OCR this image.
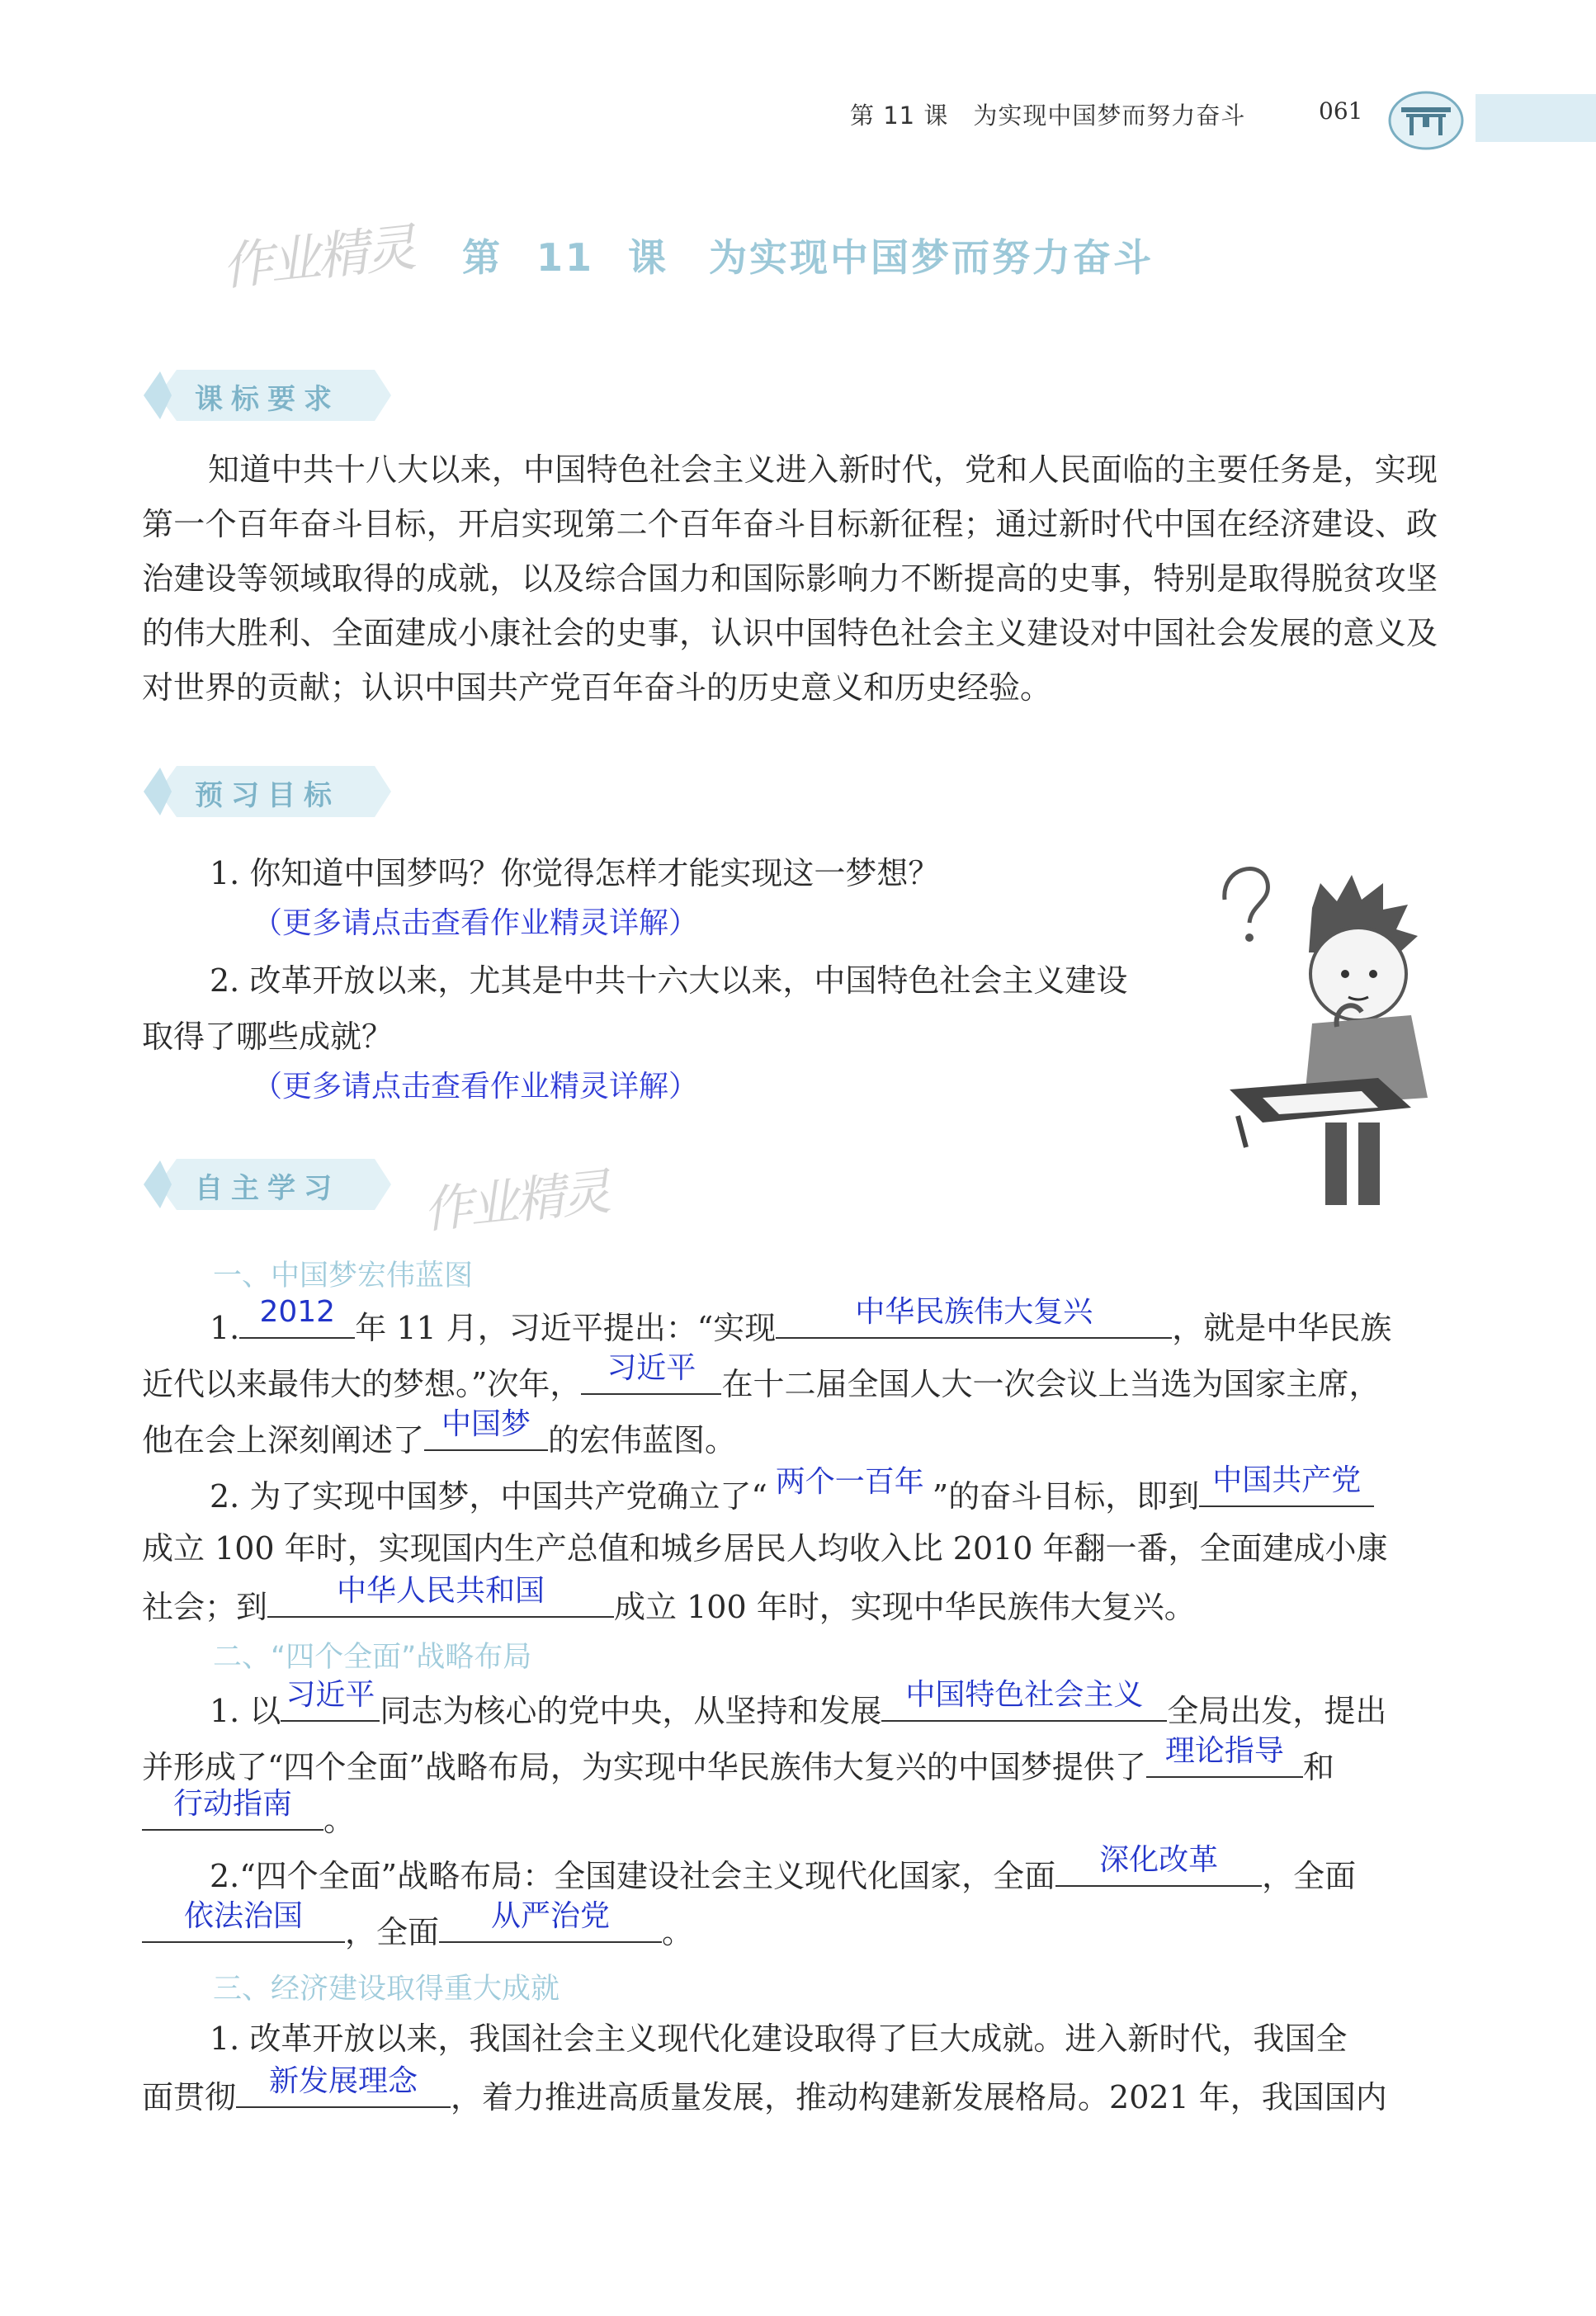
第 11 课　为实现中国梦而努力奋斗	061
作业精灵 第 11 课　为实现中国梦而努力奋斗
课标要求
知道中共十八大以来，中国特色社会主义进入新时代，党和人民面临的主要任务是，实现第一个百年奋斗目标，开启实现第二个百年奋斗目标新征程；通过新时代中国在经济建设、政治建设等领域取得的成就，以及综合国力和国际影响力不断提高的史事，特别是取得脱贫攻坚的伟大胜利、全面建成小康社会的史事，认识中国特色社会主义建设对中国社会发展的意义及对世界的贡献；认识中国共产党百年奋斗的历史意义和历史经验。
预习目标
1. 你知道中国梦吗？你觉得怎样才能实现这一梦想？
（更多请点击查看作业精灵详解）
2. 改革开放以来，尤其是中共十六大以来，中国特色社会主义建设
取得了哪些成就？
（更多请点击查看作业精灵详解）
自主学习 作业精灵
一、中国梦宏伟蓝图
1. 2012 年 11 月，习近平提出：“实现	中华民族伟大复兴	，就是中华民族
近代以来最伟大的梦想。”次年， 习近平 在十二届全国人大一次会议上当选为国家主席，
他在会上深刻阐述了 中国梦 的宏伟蓝图。
2. 为了实现中国梦，中国共产党确立了“ 两个一百年 ”的奋斗目标，即到 中国共产党
成立 100 年时，实现国内生产总值和城乡居民人均收入比 2010 年翻一番，全面建成小康
社会；到	中华人民共和国	成立 100 年时，实现中华民族伟大复兴。
二、“四个全面”战略布局
1. 以 习近平 同志为核心的党中央，从坚持和发展 中国特色社会主义 全局出发，提出
并形成了“四个全面”战略布局，为实现中华民族伟大复兴的中国梦提供了 理论指导 和
行动指南	。
2.“四个全面”战略布局：全国建设社会主义现代化国家，全面	深化改革	，全面
依法治国	，全面	从严治党	。
三、经济建设取得重大成就
1. 改革开放以来，我国社会主义现代化建设取得了巨大成就。进入新时代，我国全
面贯彻	新发展理念	，着力推进高质量发展，推动构建新发展格局。2021 年，我国国内
